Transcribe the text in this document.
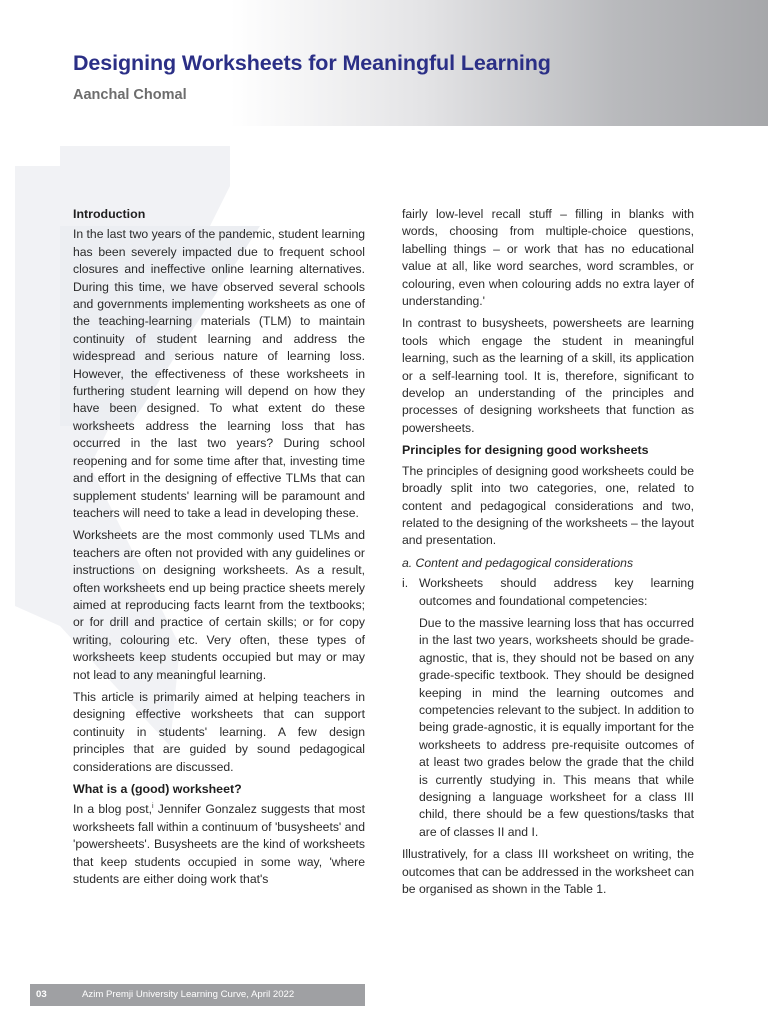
Designing Worksheets for Meaningful Learning

Aanchal Chomal

Introduction

In the last two years of the pandemic, student learning has been severely impacted due to frequent school closures and ineffective online learning alternatives. During this time, we have observed several schools and governments implementing worksheets as one of the teaching-learning materials (TLM) to maintain continuity of student learning and address the widespread and serious nature of learning loss. However, the effectiveness of these worksheets in furthering student learning will depend on how they have been designed. To what extent do these worksheets address the learning loss that has occurred in the last two years? During school reopening and for some time after that, investing time and effort in the designing of effective TLMs that can supplement students' learning will be paramount and teachers will need to take a lead in developing these.

Worksheets are the most commonly used TLMs and teachers are often not provided with any guidelines or instructions on designing worksheets. As a result, often worksheets end up being practice sheets merely aimed at reproducing facts learnt from the textbooks; or for drill and practice of certain skills; or for copy writing, colouring etc. Very often, these types of worksheets keep students occupied but may or may not lead to any meaningful learning.

This article is primarily aimed at helping teachers in designing effective worksheets that can support continuity in students' learning. A few design principles that are guided by sound pedagogical considerations are discussed.

What is a (good) worksheet?

In a blog post,$^i$ Jennifer Gonzalez suggests that most worksheets fall within a continuum of 'busysheets' and 'powersheets'. Busysheets are the kind of worksheets that keep students occupied in some way, 'where students are either doing work that's

fairly low-level recall stuff – filling in blanks with words, choosing from multiple-choice questions, labelling things – or work that has no educational value at all, like word searches, word scrambles, or colouring, even when colouring adds no extra layer of understanding.'

In contrast to busysheets, powersheets are learning tools which engage the student in meaningful learning, such as the learning of a skill, its application or a self-learning tool. It is, therefore, significant to develop an understanding of the principles and processes of designing worksheets that function as powersheets.

Principles for designing good worksheets

The principles of designing good worksheets could be broadly split into two categories, one, related to content and pedagogical considerations and two, related to the designing of the worksheets – the layout and presentation.

a. Content and pedagogical considerations

i. Worksheets should address key learning outcomes and foundational competencies:

Due to the massive learning loss that has occurred in the last two years, worksheets should be grade-agnostic, that is, they should not be based on any grade-specific textbook. They should be designed keeping in mind the learning outcomes and competencies relevant to the subject. In addition to being grade-agnostic, it is equally important for the worksheets to address pre-requisite outcomes of at least two grades below the grade that the child is currently studying in. This means that while designing a language worksheet for a class III child, there should be a few questions/tasks that are of classes II and I.

Illustratively, for a class III worksheet on writing, the outcomes that can be addressed in the worksheet can be organised as shown in the Table 1.

03	Azim Premji University Learning Curve, April 2022
